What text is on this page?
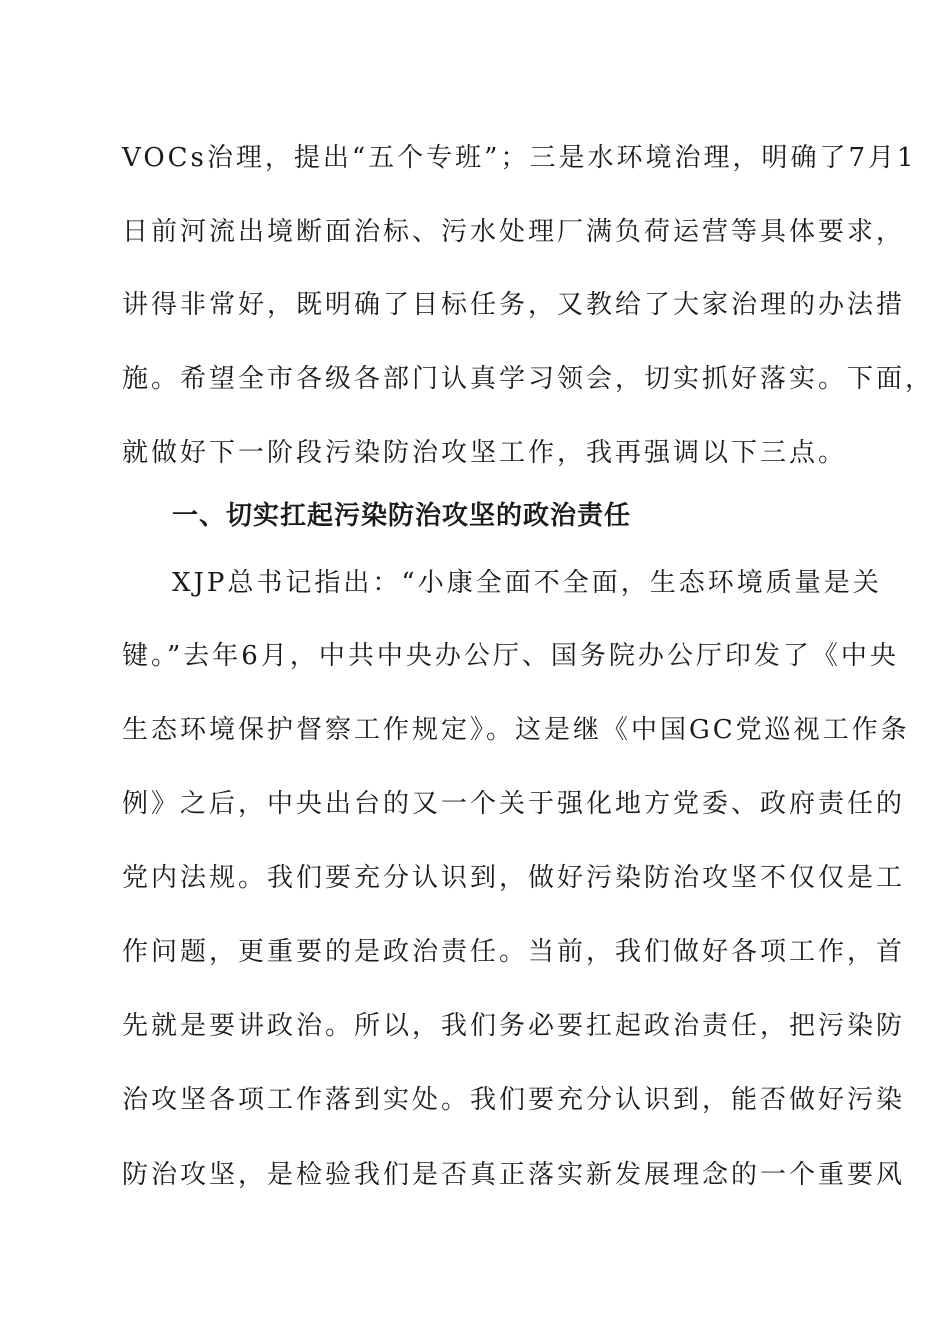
VOCs治理，提出“五个专班”；三是水环境治理，明确了7月1
日前河流出境断面治标、污水处理厂满负荷运营等具体要求，
讲得非常好，既明确了目标任务，又教给了大家治理的办法措
施。希望全市各级各部门认真学习领会，切实抓好落实。下面，
就做好下一阶段污染防治攻坚工作，我再强调以下三点。
一、切实扛起污染防治攻坚的政治责任
XJP总书记指出：“小康全面不全面，生态环境质量是关
键。”去年6月，中共中央办公厅、国务院办公厅印发了《中央
生态环境保护督察工作规定》。这是继《中国GC党巡视工作条
例》之后，中央出台的又一个关于强化地方党委、政府责任的
党内法规。我们要充分认识到，做好污染防治攻坚不仅仅是工
作问题，更重要的是政治责任。当前，我们做好各项工作，首
先就是要讲政治。所以，我们务必要扛起政治责任，把污染防
治攻坚各项工作落到实处。我们要充分认识到，能否做好污染
防治攻坚，是检验我们是否真正落实新发展理念的一个重要风
